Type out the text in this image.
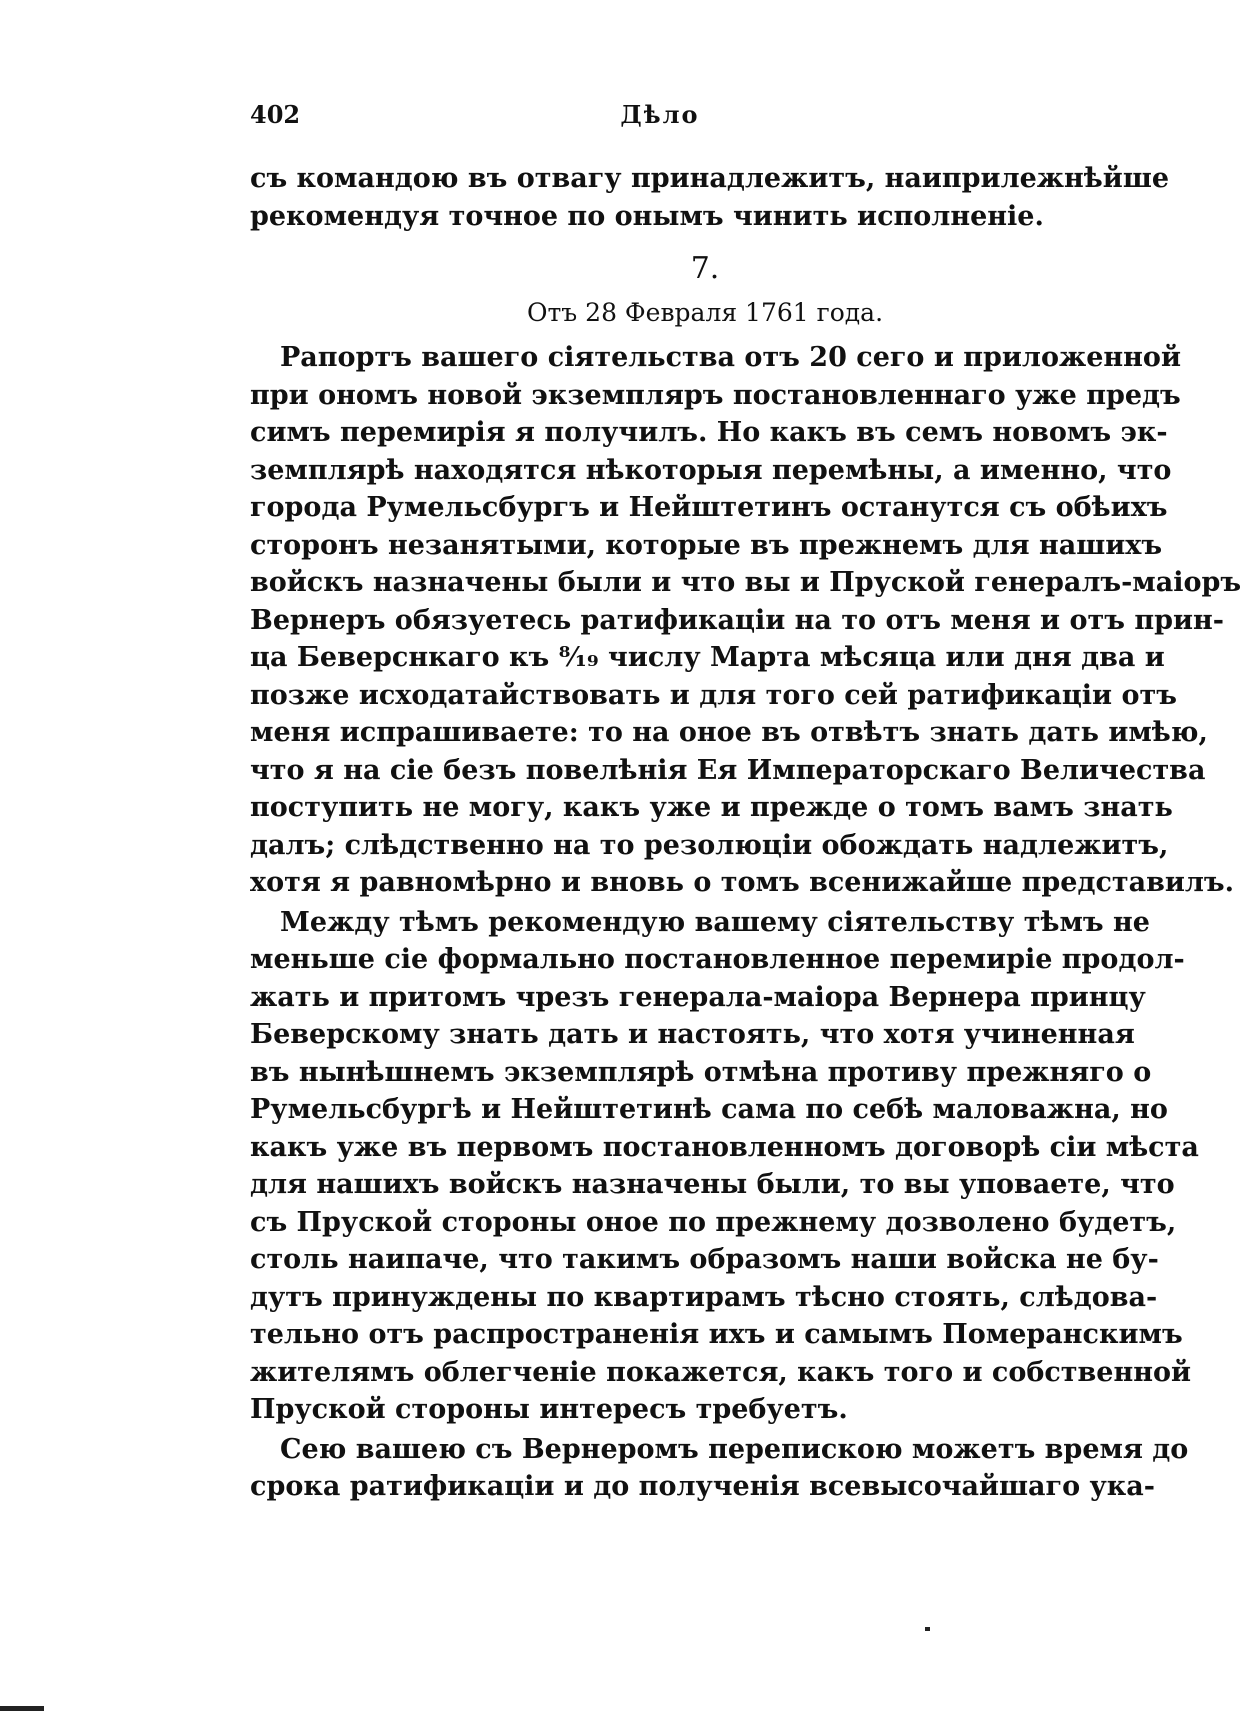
402	Дѣло
съ командою въ отвагу принадлежитъ, наиприлежнѣйше
рекомендуя точное по онымъ чинить исполненіе.
7.
Отъ 28 Февраля 1761 года.
Рапортъ вашего сіятельства отъ 20 сего и приложенной
при ономъ новой экземпляръ постановленнаго уже предъ
симъ перемирія я получилъ. Но какъ въ семъ новомъ эк-
земплярѣ находятся нѣкоторыя перемѣны, а именно, что
города Румельсбургъ и Нейштетинъ останутся съ обѣихъ
сторонъ незанятыми, которые въ прежнемъ для нашихъ
войскъ назначены были и что вы и Пруской генералъ-маіоръ
Вернеръ обязуетесь ратификаціи на то отъ меня и отъ прин-
ца Беверснкаго къ ⁸⁄₁₉ числу Марта мѣсяца или дня два и
позже исходатайствовать и для того сей ратификаціи отъ
меня испрашиваете: то на оное въ отвѣтъ знать дать имѣю,
что я на сіе безъ повелѣнія Ея Императорскаго Величества
поступить не могу, какъ уже и прежде о томъ вамъ знать
далъ; слѣдственно на то резолюціи обождать надлежитъ,
хотя я равномѣрно и вновь о томъ всенижайше представилъ.
Между тѣмъ рекомендую вашему сіятельству тѣмъ не
меньше сіе формально постановленное перемиріе продол-
жать и притомъ чрезъ генерала-маіора Вернера принцу
Беверскому знать дать и настоять, что хотя учиненная
въ нынѣшнемъ экземплярѣ отмѣна противу прежняго о
Румельсбургѣ и Нейштетинѣ сама по себѣ маловажна, но
какъ уже въ первомъ постановленномъ договорѣ сіи мѣста
для нашихъ войскъ назначены были, то вы уповаете, что
съ Пруской стороны оное по прежнему дозволено будетъ,
столь наипаче, что такимъ образомъ наши войска не бу-
дутъ принуждены по квартирамъ тѣсно стоять, слѣдова-
тельно отъ распространенія ихъ и самымъ Померанскимъ
жителямъ облегченіе покажется, какъ того и собственной
Пруской стороны интересъ требуетъ.
Сею вашею съ Вернеромъ перепискою можетъ время до
срока ратификаціи и до полученія всевысочайшаго ука-
